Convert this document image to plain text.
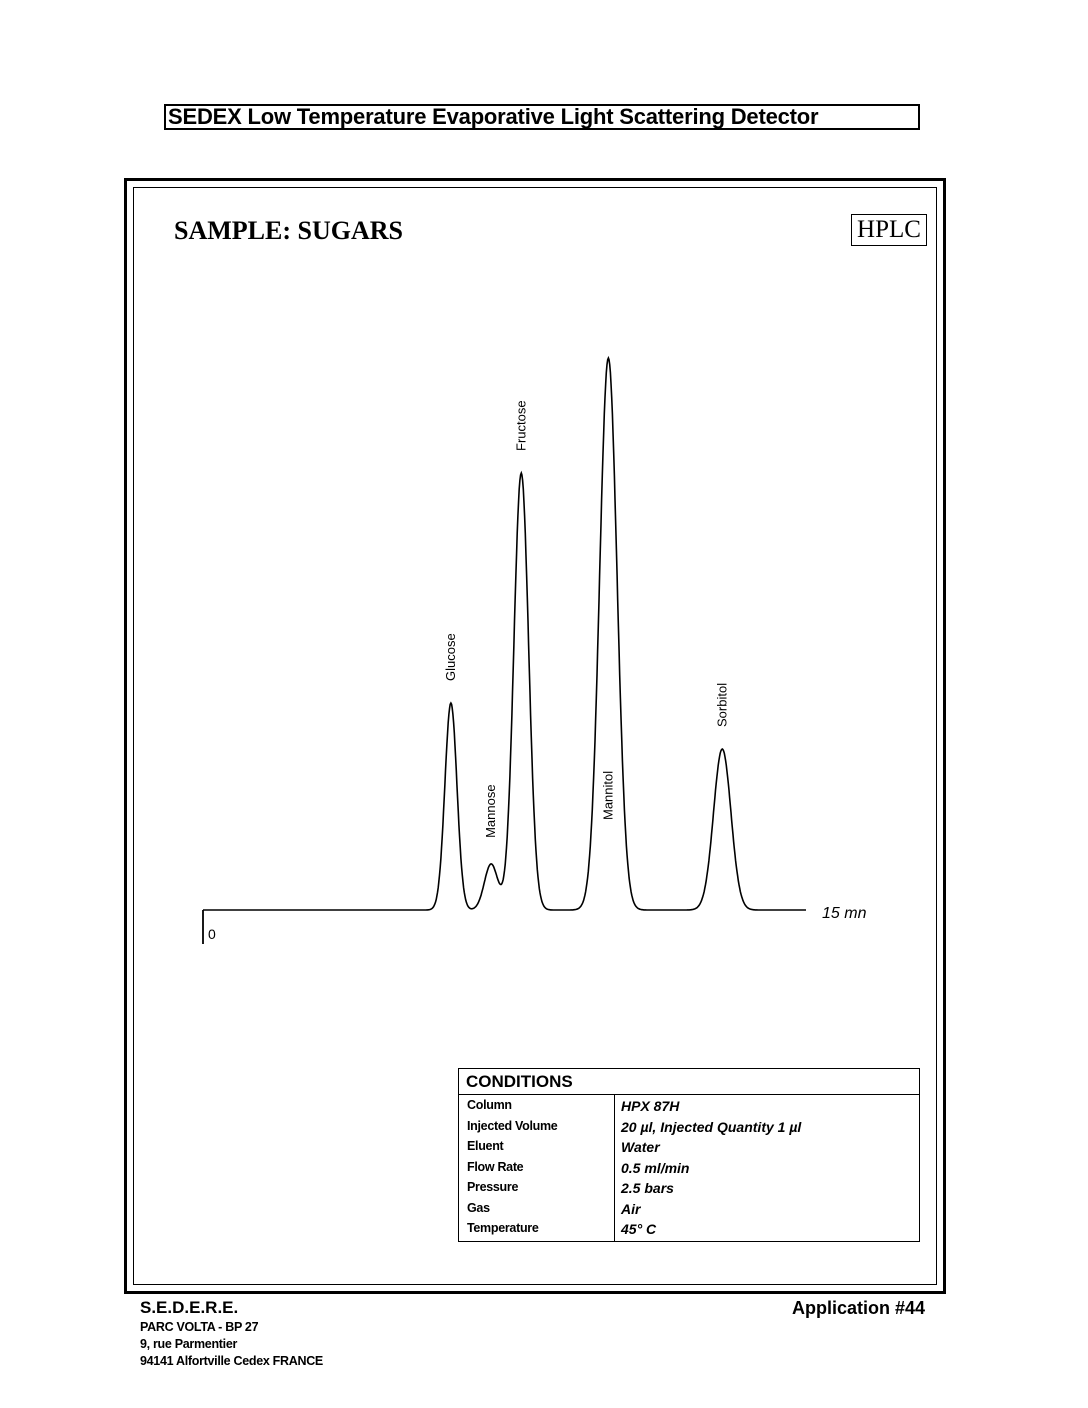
SEDEX Low Temperature Evaporative Light Scattering Detector
SAMPLE: SUGARS	HPLC
Glucose
Mannose
Fructose
Mannitol
Sorbitol
0
15 mn
CONDITIONS
Column	HPX 87H
Injected Volume	20 µl, Injected Quantity 1 µl
Eluent	Water
Flow Rate	0.5 ml/min
Pressure	2.5 bars
Gas	Air
Temperature	45° C
S.E.D.E.R.E.
PARC VOLTA - BP 27
9, rue Parmentier
94141 Alfortville Cedex FRANCE
Application #44
